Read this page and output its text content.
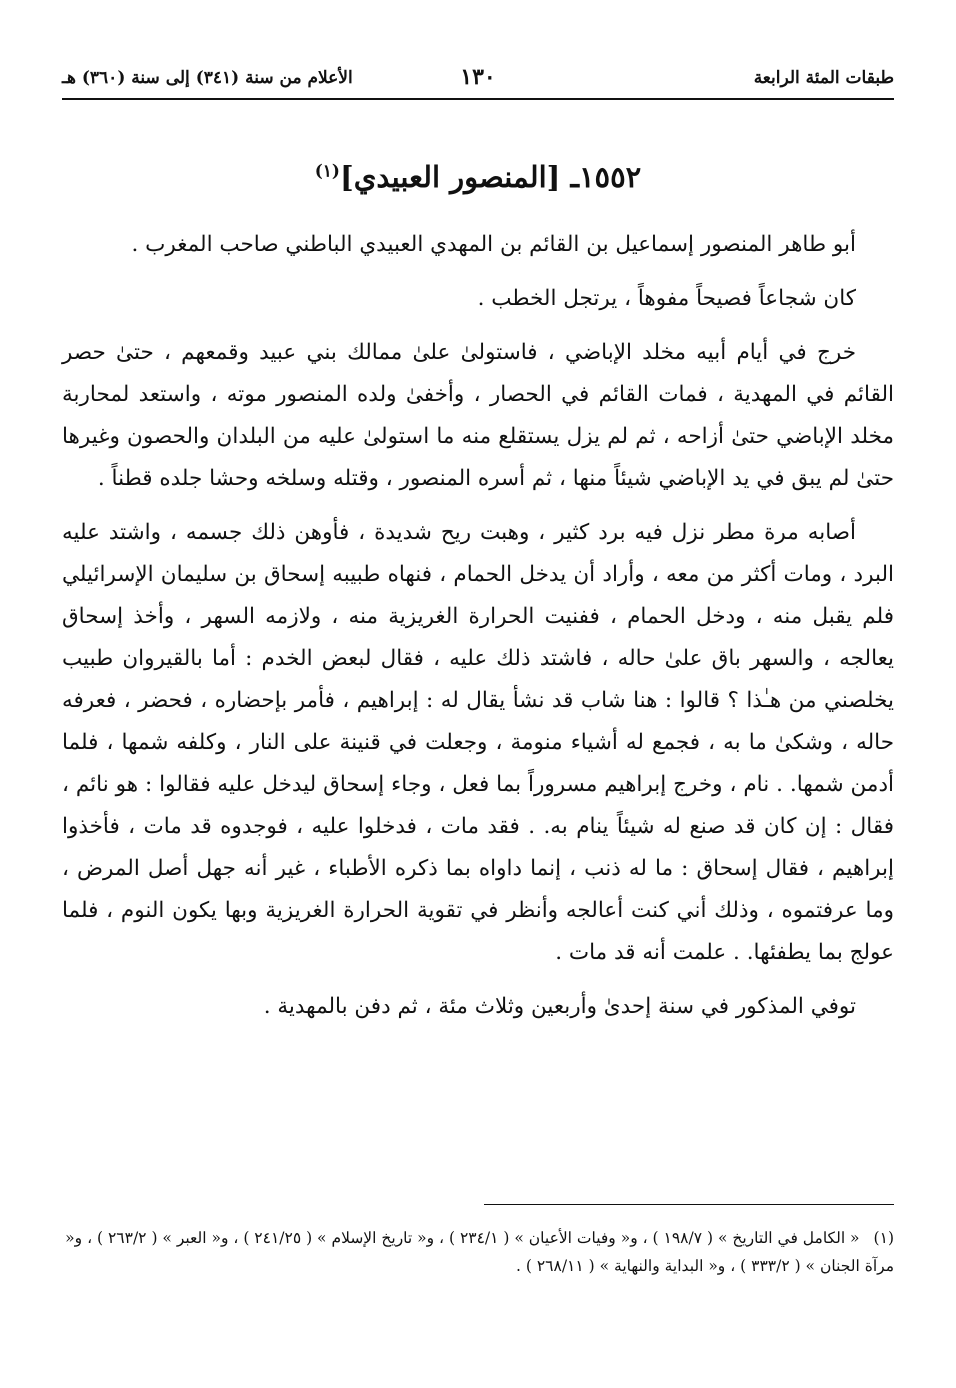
طبقات المئة الرابعة
١٣٠
الأعلام من سنة (٣٤١) إلى سنة (٣٦٠) هـ
١٥٥٢ـ [المنصور العبيدي]$^{(١)}$

أبو طاهر المنصور إسماعيل بن القائم بن المهدي العبيدي الباطني صاحب المغرب .

كان شجاعاً فصيحاً مفوهاً ، يرتجل الخطب .

خرج في أيام أبيه مخلد الإباضي ، فاستولىٰ علىٰ ممالك بني عبيد وقمعهم ، حتىٰ حصر القائم في المهدية ، فمات القائم في الحصار ، وأخفىٰ ولده المنصور موته ، واستعد لمحاربة مخلد الإباضي حتىٰ أزاحه ، ثم لم يزل يستقلع منه ما استولىٰ عليه من البلدان والحصون وغيرها حتىٰ لم يبق في يد الإباضي شيئاً منها ، ثم أسره المنصور ، وقتله وسلخه وحشا جلده قطناً .

أصابه مرة مطر نزل فيه برد كثير ، وهبت ريح شديدة ، فأوهن ذلك جسمه ، واشتد عليه البرد ، ومات أكثر من معه ، وأراد أن يدخل الحمام ، فنهاه طبيبه إسحاق بن سليمان الإسرائيلي فلم يقبل منه ، ودخل الحمام ، ففنيت الحرارة الغريزية منه ، ولازمه السهر ، وأخذ إسحاق يعالجه ، والسهر باق علىٰ حاله ، فاشتد ذلك عليه ، فقال لبعض الخدم : أما بالقيروان طبيب يخلصني من هـٰذا ؟ قالوا : هنا شاب قد نشأ يقال له : إبراهيم ، فأمر بإحضاره ، فحضر ، فعرفه حاله ، وشكىٰ ما به ، فجمع له أشياء منومة ، وجعلت في قنينة على النار ، وكلفه شمها ، فلما أدمن شمها. . نام ، وخرج إبراهيم مسروراً بما فعل ، وجاء إسحاق ليدخل عليه فقالوا : هو نائم ، فقال : إن كان قد صنع له شيئاً ينام به. . فقد مات ، فدخلوا عليه ، فوجدوه قد مات ، فأخذوا إبراهيم ، فقال إسحاق : ما له ذنب ، إنما داواه بما ذكره الأطباء ، غير أنه جهل أصل المرض ، وما عرفتموه ، وذلك أني كنت أعالجه وأنظر في تقوية الحرارة الغريزية وبها يكون النوم ، فلما عولج بما يطفئها. . علمت أنه قد مات .

توفي المذكور في سنة إحدىٰ وأربعين وثلاث مئة ، ثم دفن بالمهدية .

(١)« الكامل في التاريخ » ( ١٩٨/٧ ) ، و« وفيات الأعيان » ( ٢٣٤/١ ) ، و« تاريخ الإسلام » ( ٢٤١/٢٥ ) ، و« العبر » ( ٢٦٣/٢ ) ، و« مرآة الجنان » ( ٣٣٣/٢ ) ، و« البداية والنهاية » ( ٢٦٨/١١ ) .
